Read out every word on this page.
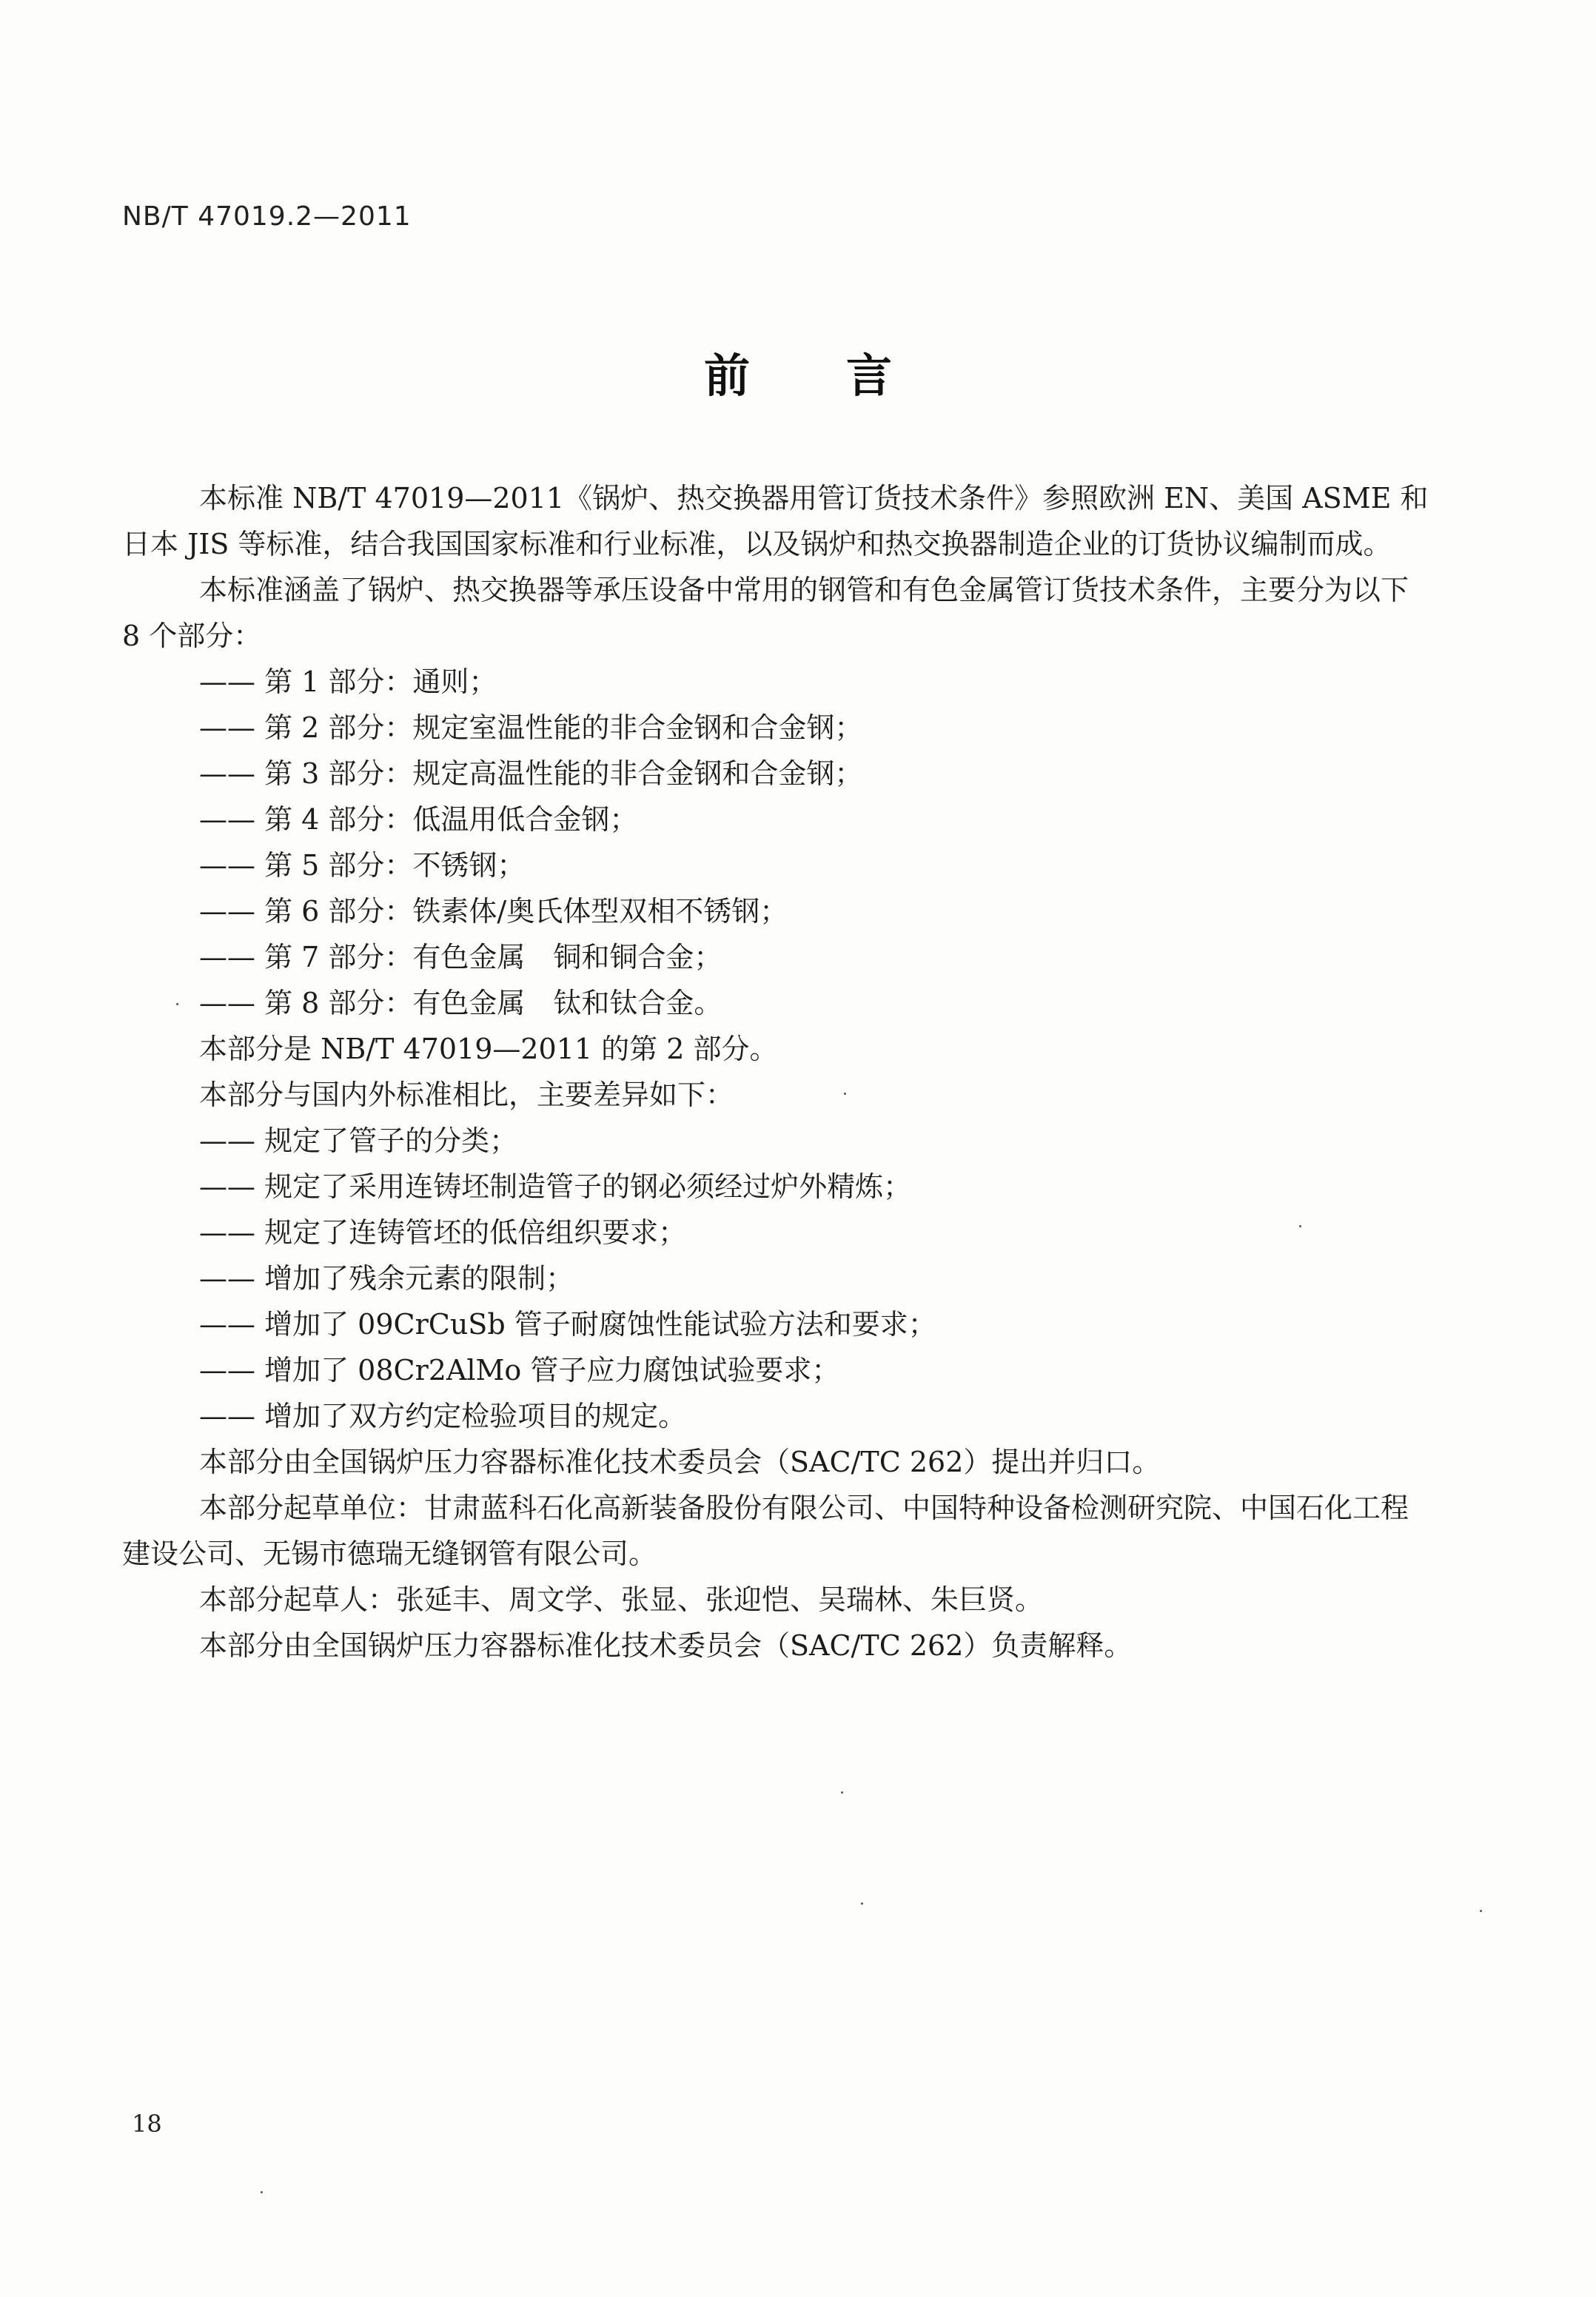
NB/T 47019.2—2011
前言

本标准 NB/T 47019—2011《锅炉、热交换器用管订货技术条件》参照欧洲 EN、美国 ASME 和日本 JIS 等标准，结合我国国家标准和行业标准，以及锅炉和热交换器制造企业的订货协议编制而成。

本标准涵盖了锅炉、热交换器等承压设备中常用的钢管和有色金属管订货技术条件，主要分为以下 8 个部分：

—— 第 1 部分：通则；
—— 第 2 部分：规定室温性能的非合金钢和合金钢；
—— 第 3 部分：规定高温性能的非合金钢和合金钢；
—— 第 4 部分：低温用低合金钢；
—— 第 5 部分：不锈钢；
—— 第 6 部分：铁素体/奥氏体型双相不锈钢；
—— 第 7 部分：有色金属　铜和铜合金；
—— 第 8 部分：有色金属　钛和钛合金。

本部分是 NB/T 47019—2011 的第 2 部分。

本部分与国内外标准相比，主要差异如下：

—— 规定了管子的分类；
—— 规定了采用连铸坯制造管子的钢必须经过炉外精炼；
—— 规定了连铸管坯的低倍组织要求；
—— 增加了残余元素的限制；
—— 增加了 09CrCuSb 管子耐腐蚀性能试验方法和要求；
—— 增加了 08Cr2AlMo 管子应力腐蚀试验要求；
—— 增加了双方约定检验项目的规定。

本部分由全国锅炉压力容器标准化技术委员会（SAC/TC 262）提出并归口。

本部分起草单位：甘肃蓝科石化高新装备股份有限公司、中国特种设备检测研究院、中国石化工程建设公司、无锡市德瑞无缝钢管有限公司。

本部分起草人：张延丰、周文学、张显、张迎恺、吴瑞林、朱巨贤。

本部分由全国锅炉压力容器标准化技术委员会（SAC/TC 262）负责解释。

18
